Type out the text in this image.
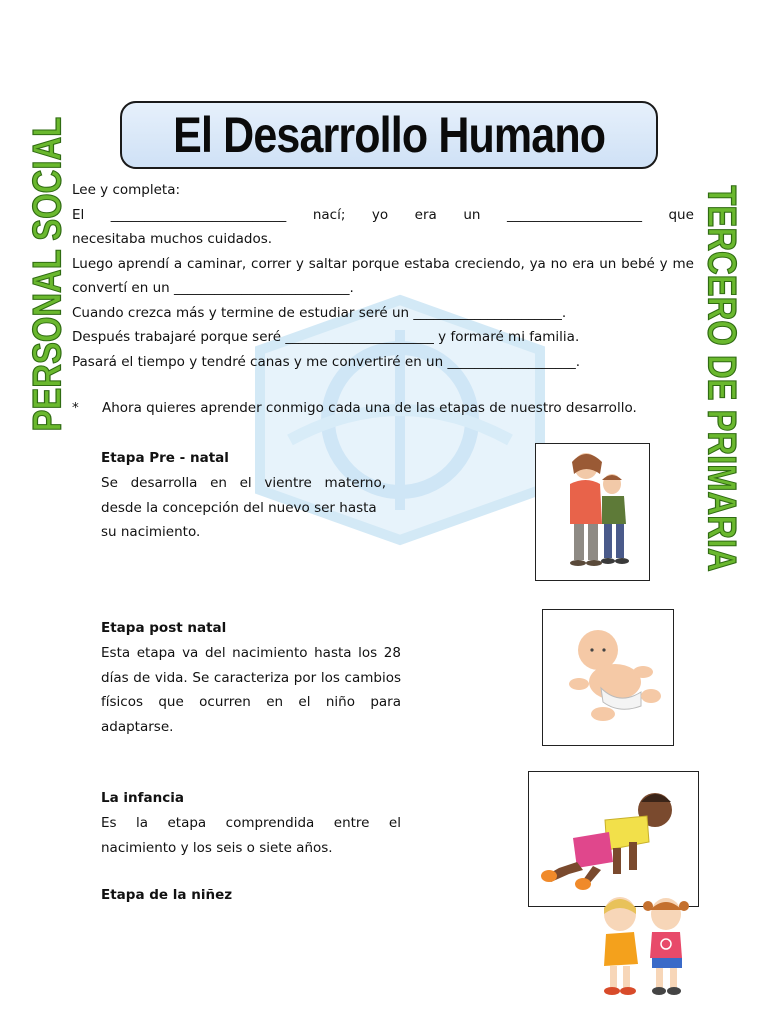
El Desarrollo Humano
PERSONAL SOCIAL	TERCERO DE PRIMARIA
Lee y completa:
El __________________________ nací; yo era un ____________________ que
necesitaba muchos cuidados.
Luego aprendí a caminar, correr y saltar porque estaba creciendo, ya no era un bebé y me
convertí en un __________________________.
Cuando crezca más y termine de estudiar seré un ______________________.
Después trabajaré porque seré ______________________ y formaré mi familia.
Pasará el tiempo y tendré canas y me convertiré en un ___________________.
* Ahora quieres aprender conmigo cada una de las etapas de nuestro desarrollo.
Etapa Pre - natal
Se desarrolla en el vientre materno,
desde la concepción del nuevo ser hasta
su nacimiento.
Etapa post natal
Esta etapa va del nacimiento hasta los 28
días de vida. Se caracteriza por los cambios
físicos que ocurren en el niño para
adaptarse.
La infancia
Es la etapa comprendida entre el
nacimiento y los seis o siete años.
Etapa de la niñez
